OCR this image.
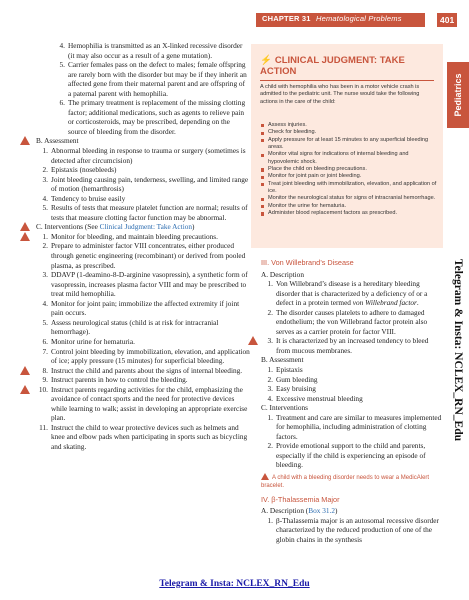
CHAPTER 31 Hematological Problems	401
Pediatrics
Telegram & Insta: NCLEX_RN_Edu
4. Hemophilia is transmitted as an X-linked recessive disorder (it may also occur as a result of a gene mutation).
5. Carrier females pass on the defect to males; female offspring are rarely born with the disorder but may be if they inherit an affected gene from their maternal parent and are offspring of a paternal parent with hemophilia.
6. The primary treatment is replacement of the missing clotting factor; additional medications, such as agents to relieve pain or corticosteroids, may be prescribed, depending on the source of bleeding from the disorder.
B. Assessment
1. Abnormal bleeding in response to trauma or surgery (sometimes is detected after circumcision)
2. Epistaxis (nosebleeds)
3. Joint bleeding causing pain, tenderness, swelling, and limited range of motion (hemarthrosis)
4. Tendency to bruise easily
5. Results of tests that measure platelet function are normal; results of tests that measure clotting factor function may be abnormal.
C. Interventions (See Clinical Judgment: Take Action)
1. Monitor for bleeding, and maintain bleeding precautions.
2. Prepare to administer factor VIII concentrates, either produced through genetic engineering (recombinant) or derived from pooled plasma, as prescribed.
3. DDAVP (1-deamino-8-D-arginine vasopressin), a synthetic form of vasopressin, increases plasma factor VIII and may be prescribed to treat mild hemophilia.
4. Monitor for joint pain; immobilize the affected extremity if joint pain occurs.
5. Assess neurological status (child is at risk for intracranial hemorrhage).
6. Monitor urine for hematuria.
7. Control joint bleeding by immobilization, elevation, and application of ice; apply pressure (15 minutes) for superficial bleeding.
8. Instruct the child and parents about the signs of internal bleeding.
9. Instruct parents in how to control the bleeding.
10. Instruct parents regarding activities for the child, emphasizing the avoidance of contact sports and the need for protective devices while learning to walk; assist in developing an appropriate exercise plan.
11. Instruct the child to wear protective devices such as helmets and knee and elbow pads when participating in sports such as bicycling and skating.
⚡ CLINICAL JUDGMENT: TAKE ACTION
A child with hemophilia who has been in a motor vehicle crash is admitted to the pediatric unit. The nurse would take the following actions in the care of the child:
Assess injuries.
Check for bleeding.
Apply pressure for at least 15 minutes to any superficial bleeding areas.
Monitor vital signs for indications of internal bleeding and hypovolemic shock.
Place the child on bleeding precautions.
Monitor for joint pain or joint bleeding.
Treat joint bleeding with immobilization, elevation, and application of ice.
Monitor the neurological status for signs of intracranial hemorrhage.
Monitor the urine for hematuria.
Administer blood replacement factors as prescribed.
III. Von Willebrand’s Disease
A. Description
1. Von Willebrand’s disease is a hereditary bleeding disorder that is characterized by a deficiency of or a defect in a protein termed von Willebrand factor.
2. The disorder causes platelets to adhere to damaged endothelium; the von Willebrand factor protein also serves as a carrier protein for factor VIII.
3. It is characterized by an increased tendency to bleed from mucous membranes.
B. Assessment
1. Epistaxis
2. Gum bleeding
3. Easy bruising
4. Excessive menstrual bleeding
C. Interventions
1. Treatment and care are similar to measures implemented for hemophilia, including administration of clotting factors.
2. Provide emotional support to the child and parents, especially if the child is experiencing an episode of bleeding.
A child with a bleeding disorder needs to wear a MedicAlert bracelet.
IV. β-Thalassemia Major
A. Description (Box 31.2)
1. β-Thalassemia major is an autosomal recessive disorder characterized by the reduced production of one of the globin chains in the synthesis
Telegram & Insta: NCLEX_RN_Edu
